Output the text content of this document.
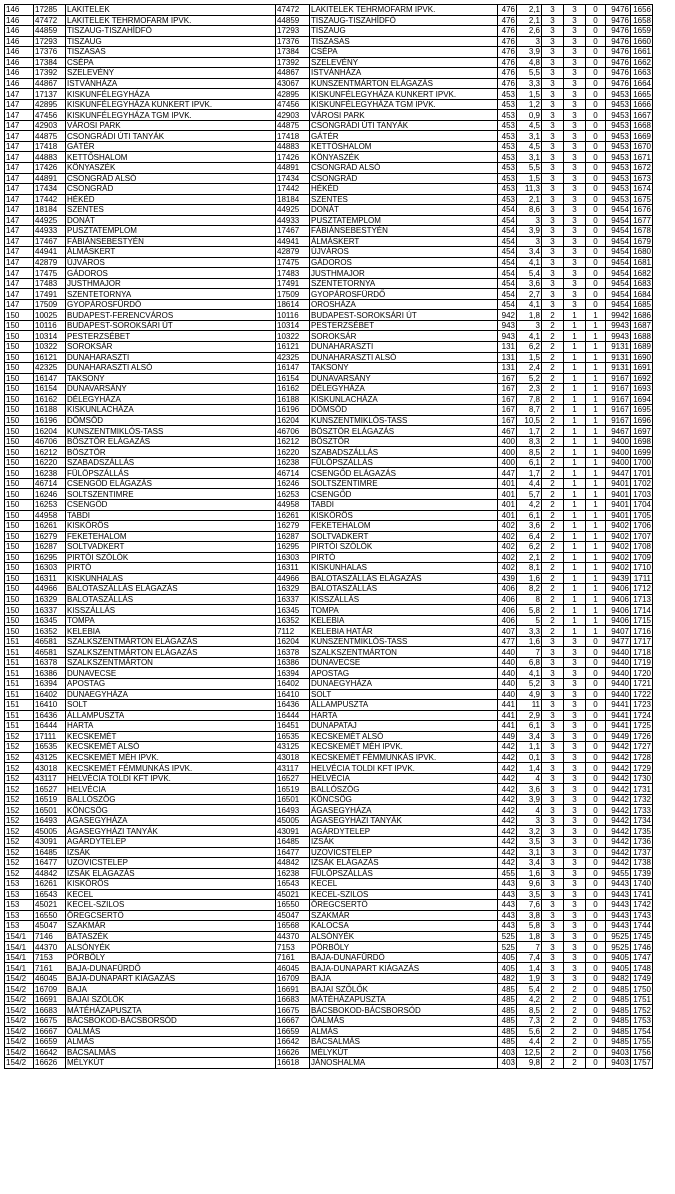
146	17285	LAKITELEK	47472	LAKITELEK TEHRMOFARM IPVK.	476	2,1	3	3	0	9476	1656
146	47472	LAKITELEK TEHRMOFARM IPVK.	44859	TISZAUG-TISZAHÍDFŐ	476	2,1	3	3	0	9476	1658
146	44859	TISZAUG-TISZAHÍDFŐ	17293	TISZAUG	476	2,6	3	3	0	9476	1659
146	17293	TISZAUG	17376	TISZASAS	476	3	3	3	0	9476	1660
146	17376	TISZASAS	17384	CSÉPA	476	3,9	3	3	0	9476	1661
146	17384	CSÉPA	17392	SZELEVÉNY	476	4,8	3	3	0	9476	1662
146	17392	SZELEVÉNY	44867	ISTVÁNHÁZA	476	5,5	3	3	0	9476	1663
146	44867	ISTVÁNHÁZA	43067	KUNSZENTMÁRTON ELÁGAZÁS	476	3,3	3	3	0	9476	1664
147	17137	KISKUNFÉLEGYHÁZA	42895	KISKUNFÉLEGYHÁZA KUNKERT IPVK.	453	1,5	3	3	0	9453	1665
147	42895	KISKUNFÉLEGYHÁZA KUNKERT IPVK.	47456	KISKUNFÉLEGYHÁZA TGM IPVK.	453	1,2	3	3	0	9453	1666
147	47456	KISKUNFÉLEGYHÁZA TGM IPVK.	42903	VÁROSI PARK	453	0,9	3	3	0	9453	1667
147	42903	VÁROSI PARK	44875	CSONGRÁDI ÚTI TANYÁK	453	4,5	3	3	0	9453	1668
147	44875	CSONGRÁDI ÚTI TANYÁK	17418	GÁTÉR	453	3,1	3	3	0	9453	1669
147	17418	GÁTÉR	44883	KETTŐSHALOM	453	4,5	3	3	0	9453	1670
147	44883	KETTŐSHALOM	17426	KÖNYASZÉK	453	3,1	3	3	0	9453	1671
147	17426	KÖNYASZÉK	44891	CSONGRÁD ALSÓ	453	5,5	3	3	0	9453	1672
147	44891	CSONGRÁD ALSÓ	17434	CSONGRÁD	453	1,5	3	3	0	9453	1673
147	17434	CSONGRÁD	17442	HÉKÉD	453	11,3	3	3	0	9453	1674
147	17442	HÉKÉD	18184	SZENTES	453	2,1	3	3	0	9453	1675
147	18184	SZENTES	44925	DONÁT	454	8,6	3	3	0	9454	1676
147	44925	DONÁT	44933	PUSZTATEMPLOM	454	3	3	3	0	9454	1677
147	44933	PUSZTATEMPLOM	17467	FÁBIÁNSEBESTYÉN	454	3,9	3	3	0	9454	1678
147	17467	FÁBIÁNSEBESTYÉN	44941	ÁLMÁSKERT	454	3	3	3	0	9454	1679
147	44941	ÁLMÁSKERT	42879	ÚJVÁROS	454	3,4	3	3	0	9454	1680
147	42879	ÚJVÁROS	17475	GÁDOROS	454	4,1	3	3	0	9454	1681
147	17475	GÁDOROS	17483	JUSTHMAJOR	454	5,4	3	3	0	9454	1682
147	17483	JUSTHMAJOR	17491	SZENTETORNYA	454	3,6	3	3	0	9454	1683
147	17491	SZENTETORNYA	17509	GYOPÁROSFÜRDŐ	454	2,7	3	3	0	9454	1684
147	17509	GYOPÁROSFÜRDŐ	18614	OROSHÁZA	454	4,1	3	3	0	9454	1685
150	10025	BUDAPEST-FERENCVÁROS	10116	BUDAPEST-SOROKSÁRI ÚT	942	1,8	2	1	1	9942	1686
150	10116	BUDAPEST-SOROKSÁRI ÚT	10314	PESTERZSÉBET	943	3	2	1	1	9943	1687
150	10314	PESTERZSÉBET	10322	SOROKSÁR	943	4,1	2	1	1	9943	1688
150	10322	SOROKSÁR	16121	DUNAHARASZTI	131	6,2	2	1	1	9131	1689
150	16121	DUNAHARASZTI	42325	DUNAHARASZTI ALSÓ	131	1,5	2	1	1	9131	1690
150	42325	DUNAHARASZTI ALSÓ	16147	TAKSONY	131	2,4	2	1	1	9131	1691
150	16147	TAKSONY	16154	DUNAVARSÁNY	167	5,2	2	1	1	9167	1692
150	16154	DUNAVARSÁNY	16162	DÉLEGYHÁZA	167	2,3	2	1	1	9167	1693
150	16162	DÉLEGYHÁZA	16188	KISKUNLACHÁZA	167	7,8	2	1	1	9167	1694
150	16188	KISKUNLACHÁZA	16196	DÖMSÖD	167	8,7	2	1	1	9167	1695
150	16196	DÖMSÖD	16204	KUNSZENTMIKLÓS-TASS	167	10,5	2	1	1	9167	1696
150	16204	KUNSZENTMIKLÓS-TASS	46706	BÖSZTÖR ELÁGAZÁS	467	1,7	2	1	1	9467	1697
150	46706	BÖSZTÖR ELÁGAZÁS	16212	BÖSZTÖR	400	8,3	2	1	1	9400	1698
150	16212	BÖSZTÖR	16220	SZABADSZÁLLÁS	400	8,5	2	1	1	9400	1699
150	16220	SZABADSZÁLLÁS	16238	FÜLÖPSZÁLLÁS	400	6,1	2	1	1	9400	1700
150	16238	FÜLÖPSZÁLLÁS	46714	CSENGŐD ELÁGAZÁS	447	1,7	2	1	1	9447	1701
150	46714	CSENGŐD ELÁGAZÁS	16246	SOLTSZENTIMRE	401	4,4	2	1	1	9401	1702
150	16246	SOLTSZENTIMRE	16253	CSENGŐD	401	5,7	2	1	1	9401	1703
150	16253	CSENGŐD	44958	TABDI	401	4,2	2	1	1	9401	1704
150	44958	TABDI	16261	KISKŐRÖS	401	6,1	2	1	1	9401	1705
150	16261	KISKŐRÖS	16279	FEKETEHALOM	402	3,6	2	1	1	9402	1706
150	16279	FEKETEHALOM	16287	SOLTVADKERT	402	6,4	2	1	1	9402	1707
150	16287	SOLTVADKERT	16295	PIRTÓI SZŐLŐK	402	6,2	2	1	1	9402	1708
150	16295	PIRTÓI SZŐLŐK	16303	PIRTÓ	402	2,1	2	1	1	9402	1709
150	16303	PIRTÓ	16311	KISKUNHALAS	402	8,1	2	1	1	9402	1710
150	16311	KISKUNHALAS	44966	BALOTASZÁLLÁS ELÁGAZÁS	439	1,6	2	1	1	9439	1711
150	44966	BALOTASZÁLLÁS ELÁGAZÁS	16329	BALOTASZÁLLÁS	406	8,2	2	1	1	9406	1712
150	16329	BALOTASZÁLLÁS	16337	KISSZÁLLÁS	406	8	2	1	1	9406	1713
150	16337	KISSZÁLLÁS	16345	TOMPA	406	5,8	2	1	1	9406	1714
150	16345	TOMPA	16352	KELEBIA	406	5	2	1	1	9406	1715
150	16352	KELEBIA	7112	KELEBIA HATÁR	407	3,3	2	1	1	9407	1716
151	46581	SZALKSZENTMÁRTON ELÁGAZÁS	16204	KUNSZENTMIKLÓS-TASS	477	1,6	3	3	0	9477	1717
151	46581	SZALKSZENTMÁRTON ELÁGAZÁS	16378	SZALKSZENTMÁRTON	440	7	3	3	0	9440	1718
151	16378	SZALKSZENTMÁRTON	16386	DUNAVECSE	440	6,8	3	3	0	9440	1719
151	16386	DUNAVECSE	16394	APOSTAG	440	4,1	3	3	0	9440	1720
151	16394	APOSTAG	16402	DUNAEGYHÁZA	440	5,2	3	3	0	9440	1721
151	16402	DUNAEGYHÁZA	16410	SOLT	440	4,9	3	3	0	9440	1722
151	16410	SOLT	16436	ÁLLAMPUSZTA	441	11	3	3	0	9441	1723
151	16436	ÁLLAMPUSZTA	16444	HARTA	441	2,9	3	3	0	9441	1724
151	16444	HARTA	16451	DUNAPATAJ	441	6,1	3	3	0	9441	1725
152	17111	KECSKEMÉT	16535	KECSKEMÉT ALSÓ	449	3,4	3	3	0	9449	1726
152	16535	KECSKEMÉT ALSÓ	43125	KECSKEMÉT MÉH IPVK.	442	1,1	3	3	0	9442	1727
152	43125	KECSKEMÉT MÉH IPVK.	43018	KECSKEMÉT FÉMMUNKÁS IPVK.	442	0,1	3	3	0	9442	1728
152	43018	KECSKEMÉT FÉMMUNKÁS IPVK.	43117	HELVÉCIA TOLDI KFT IPVK.	442	1,4	3	3	0	9442	1729
152	43117	HELVÉCIA TOLDI KFT IPVK.	16527	HELVÉCIA	442	4	3	3	0	9442	1730
152	16527	HELVÉCIA	16519	BALLÓSZÖG	442	3,6	3	3	0	9442	1731
152	16519	BALLÓSZÖG	16501	KÖNCSÖG	442	3,9	3	3	0	9442	1732
152	16501	KÖNCSÖG	16493	ÁGASEGYHÁZA	442	4	3	3	0	9442	1733
152	16493	ÁGASEGYHÁZA	45005	ÁGASEGYHÁZI TANYÁK	442	3	3	3	0	9442	1734
152	45005	ÁGASEGYHÁZI TANYÁK	43091	AGÁRDYTELEP	442	3,2	3	3	0	9442	1735
152	43091	AGÁRDYTELEP	16485	IZSÁK	442	3,5	3	3	0	9442	1736
152	16485	IZSÁK	16477	UZOVICSTELEP	442	3,1	3	3	0	9442	1737
152	16477	UZOVICSTELEP	44842	IZSÁK ELÁGAZÁS	442	3,4	3	3	0	9442	1738
152	44842	IZSÁK ELÁGAZÁS	16238	FÜLÖPSZÁLLÁS	455	1,6	3	3	0	9455	1739
153	16261	KISKŐRÖS	16543	KECEL	443	9,6	3	3	0	9443	1740
153	16543	KECEL	45021	KECEL-SZILOS	443	3,5	3	3	0	9443	1741
153	45021	KECEL-SZILOS	16550	ÖREGCSERTŐ	443	7,6	3	3	0	9443	1742
153	16550	ÖREGCSERTŐ	45047	SZAKMÁR	443	3,8	3	3	0	9443	1743
153	45047	SZAKMÁR	16568	KALOCSA	443	5,8	3	3	0	9443	1744
154/1	7146	BÁTASZÉK	44370	ALSÓNYÉK	525	1,8	3	3	0	9525	1745
154/1	44370	ALSÓNYÉK	7153	PÖRBÖLY	525	7	3	3	0	9525	1746
154/1	7153	PÖRBÖLY	7161	BAJA-DUNAFÜRDŐ	405	7,4	3	3	0	9405	1747
154/1	7161	BAJA-DUNAFÜRDŐ	46045	BAJA-DUNAPART KIÁGAZÁS	405	1,4	3	3	0	9405	1748
154/2	46045	BAJA-DUNAPART KIÁGAZÁS	16709	BAJA	482	1,9	3	3	0	9482	1749
154/2	16709	BAJA	16691	BAJAI SZŐLŐK	485	5,4	2	2	0	9485	1750
154/2	16691	BAJAI SZŐLŐK	16683	MÁTÉHÁZAPUSZTA	485	4,2	2	2	0	9485	1751
154/2	16683	MÁTÉHÁZAPUSZTA	16675	BÁCSBOKOD-BÁCSBORSÓD	485	8,5	2	2	0	9485	1752
154/2	16675	BÁCSBOKOD-BÁCSBORSÓD	16667	ÓALMÁS	485	7,3	2	2	0	9485	1753
154/2	16667	ÓALMÁS	16659	ALMÁS	485	5,6	2	2	0	9485	1754
154/2	16659	ALMÁS	16642	BÁCSALMÁS	485	4,4	2	2	0	9485	1755
154/2	16642	BÁCSALMÁS	16626	MÉLYKÚT	403	12,5	2	2	0	9403	1756
154/2	16626	MÉLYKÚT	16618	JÁNOSHALMA	403	9,8	2	2	0	9403	1757
